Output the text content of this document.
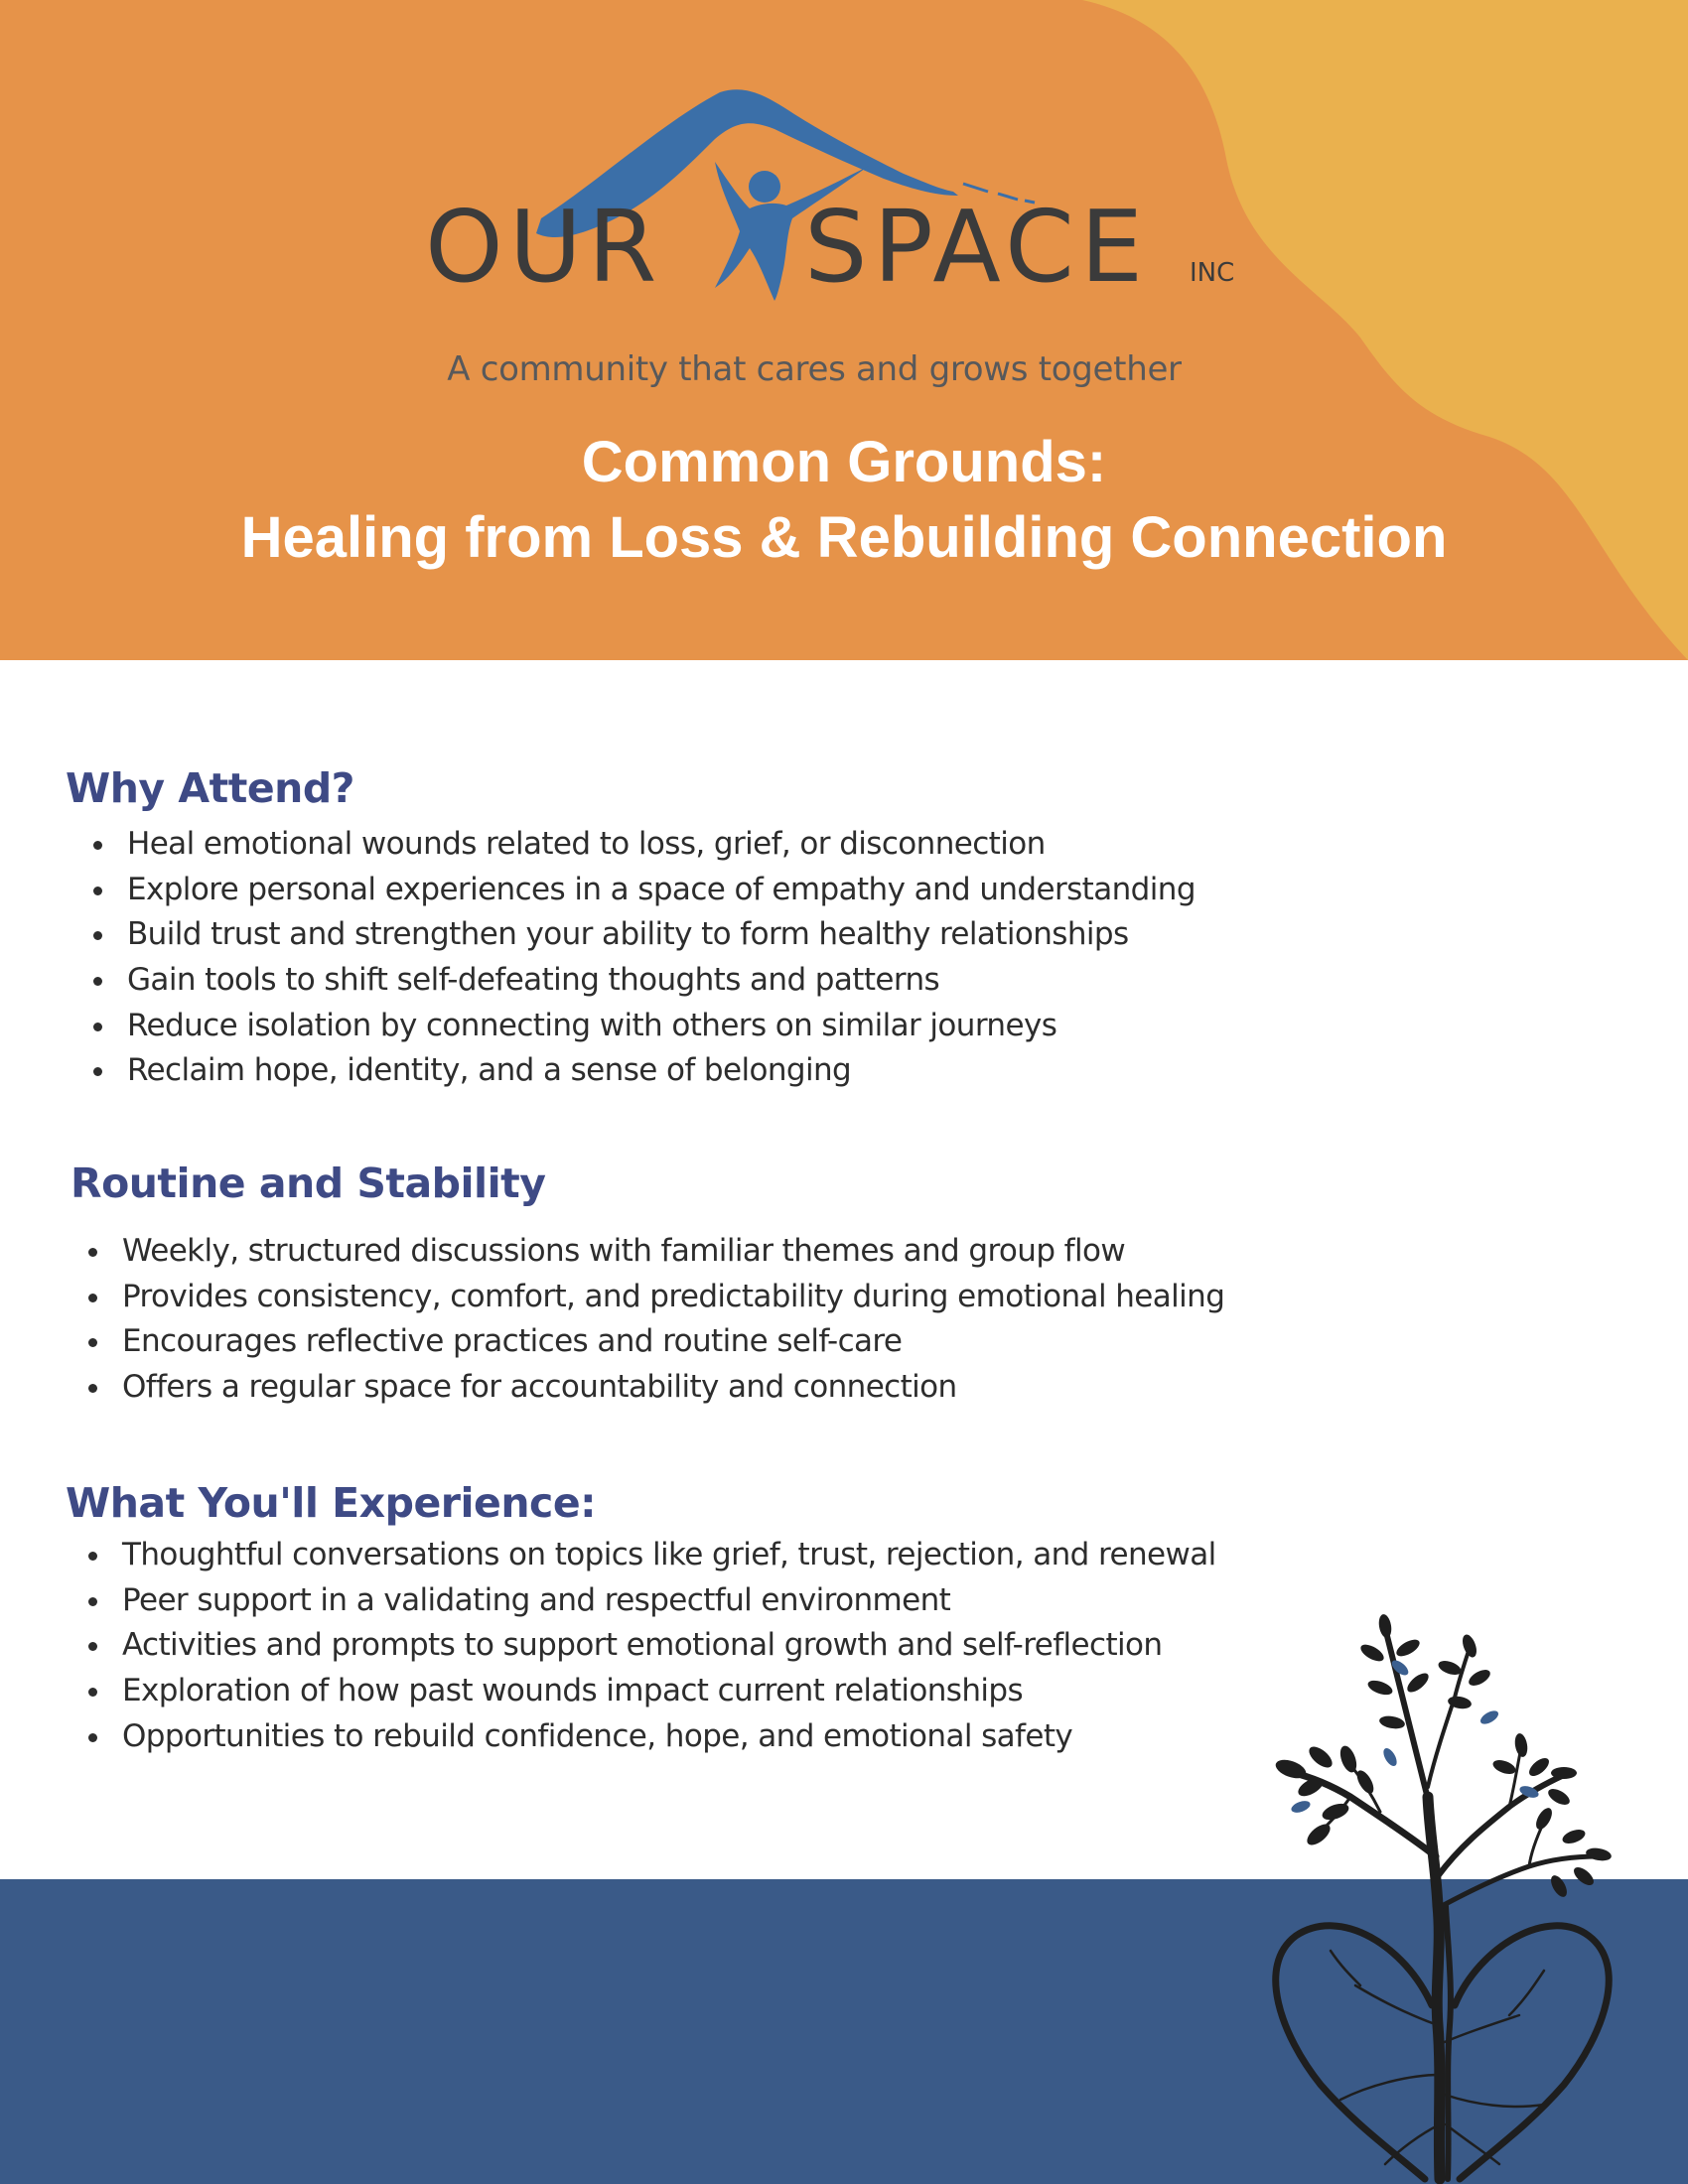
OUR SPACE INC
A community that cares and grows together
Common Grounds:
Healing from Loss & Rebuilding Connection
Why Attend?
Heal emotional wounds related to loss, grief, or disconnection
Explore personal experiences in a space of empathy and understanding
Build trust and strengthen your ability to form healthy relationships
Gain tools to shift self-defeating thoughts and patterns
Reduce isolation by connecting with others on similar journeys
Reclaim hope, identity, and a sense of belonging
Routine and Stability
Weekly, structured discussions with familiar themes and group flow
Provides consistency, comfort, and predictability during emotional healing
Encourages reflective practices and routine self-care
Offers a regular space for accountability and connection
What You'll Experience:
Thoughtful conversations on topics like grief, trust, rejection, and renewal
Peer support in a validating and respectful environment
Activities and prompts to support emotional growth and self-reflection
Exploration of how past wounds impact current relationships
Opportunities to rebuild confidence, hope, and emotional safety
